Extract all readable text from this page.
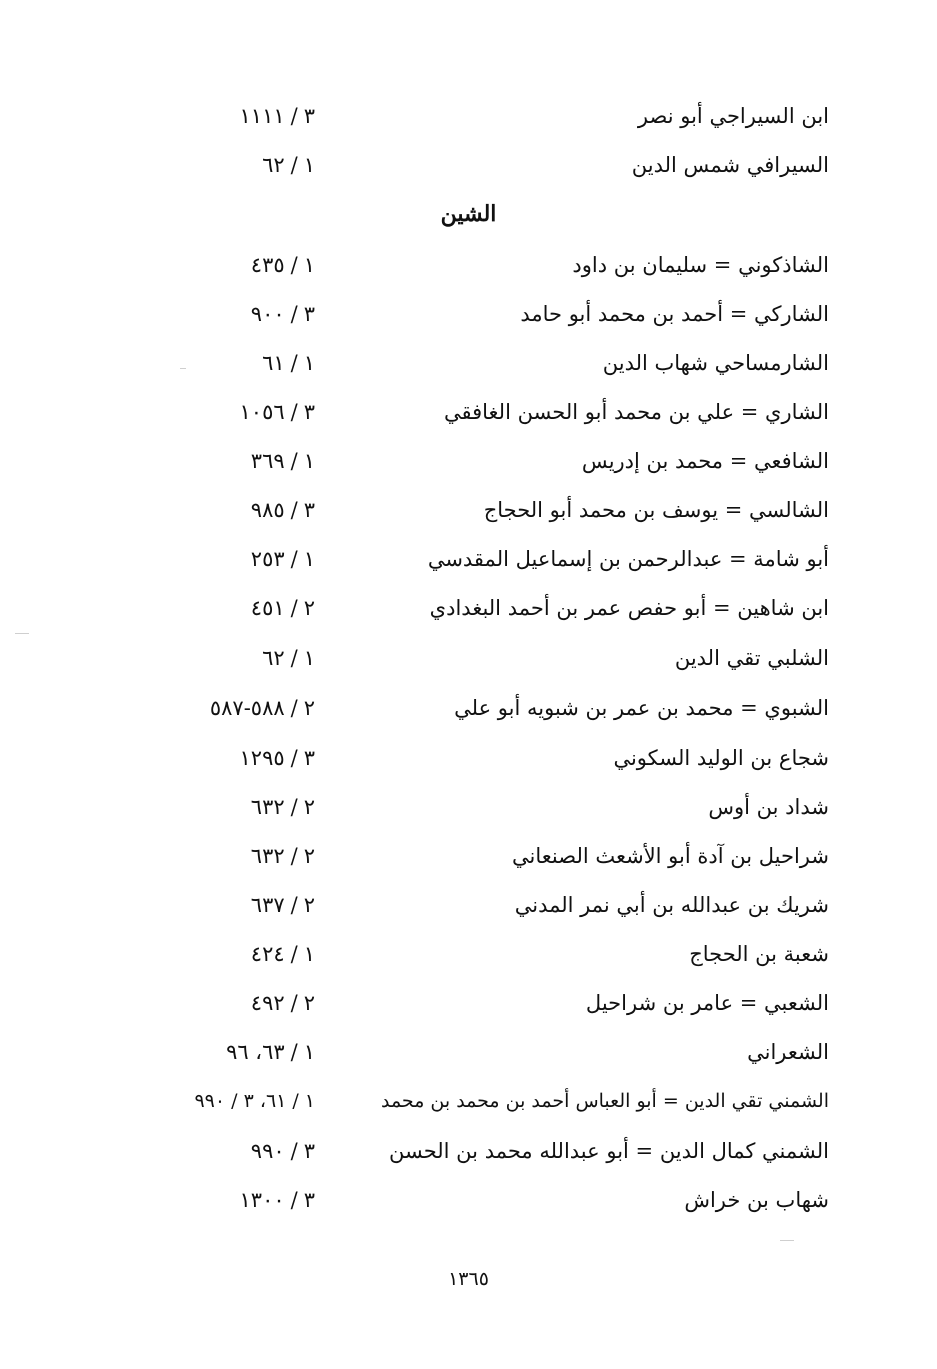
ابن السيراجي أبو نصر
٣/١١١١
السيرافي شمس الدين
١/٦٢
الشين
الشاذكوني = سليمان بن داود
١/٤٣٥
الشاركي = أحمد بن محمد أبو حامد
٣/٩٠٠
الشارمساحي شهاب الدين
١/٦١
الشاري = علي بن محمد أبو الحسن الغافقي
٣/١٠٥٦
الشافعي = محمد بن إدريس
١/٣٦٩
الشالسي = يوسف بن محمد أبو الحجاج
٣/٩٨٥
أبو شامة = عبدالرحمن بن إسماعيل المقدسي
١/٢٥٣
ابن شاهين = أبو حفص عمر بن أحمد البغدادي
٢/٤٥١
الشلبي تقي الدين
١/٦٢
الشبوي = محمد بن عمر بن شبويه أبو علي
٢/٥٨٨-٥٨٧
شجاع بن الوليد السكوني
٣/١٢٩٥
شداد بن أوس
٢/٦٣٢
شراحيل بن آدة أبو الأشعث الصنعاني
٢/٦٣٢
شريك بن عبدالله بن أبي نمر المدني
٢/٦٣٧
شعبة بن الحجاج
١/٤٢٤
الشعبي = عامر بن شراحيل
٢/٤٩٢
الشعراني
١/٦٣، ٩٦
الشمني تقي الدين = أبو العباس أحمد بن محمد بن محمد
١/٦١، ٣ / ٩٩٠
الشمني كمال الدين = أبو عبدالله محمد بن الحسن
٣/٩٩٠
شهاب بن خراش
٣/١٣٠٠
١٣٦٥
